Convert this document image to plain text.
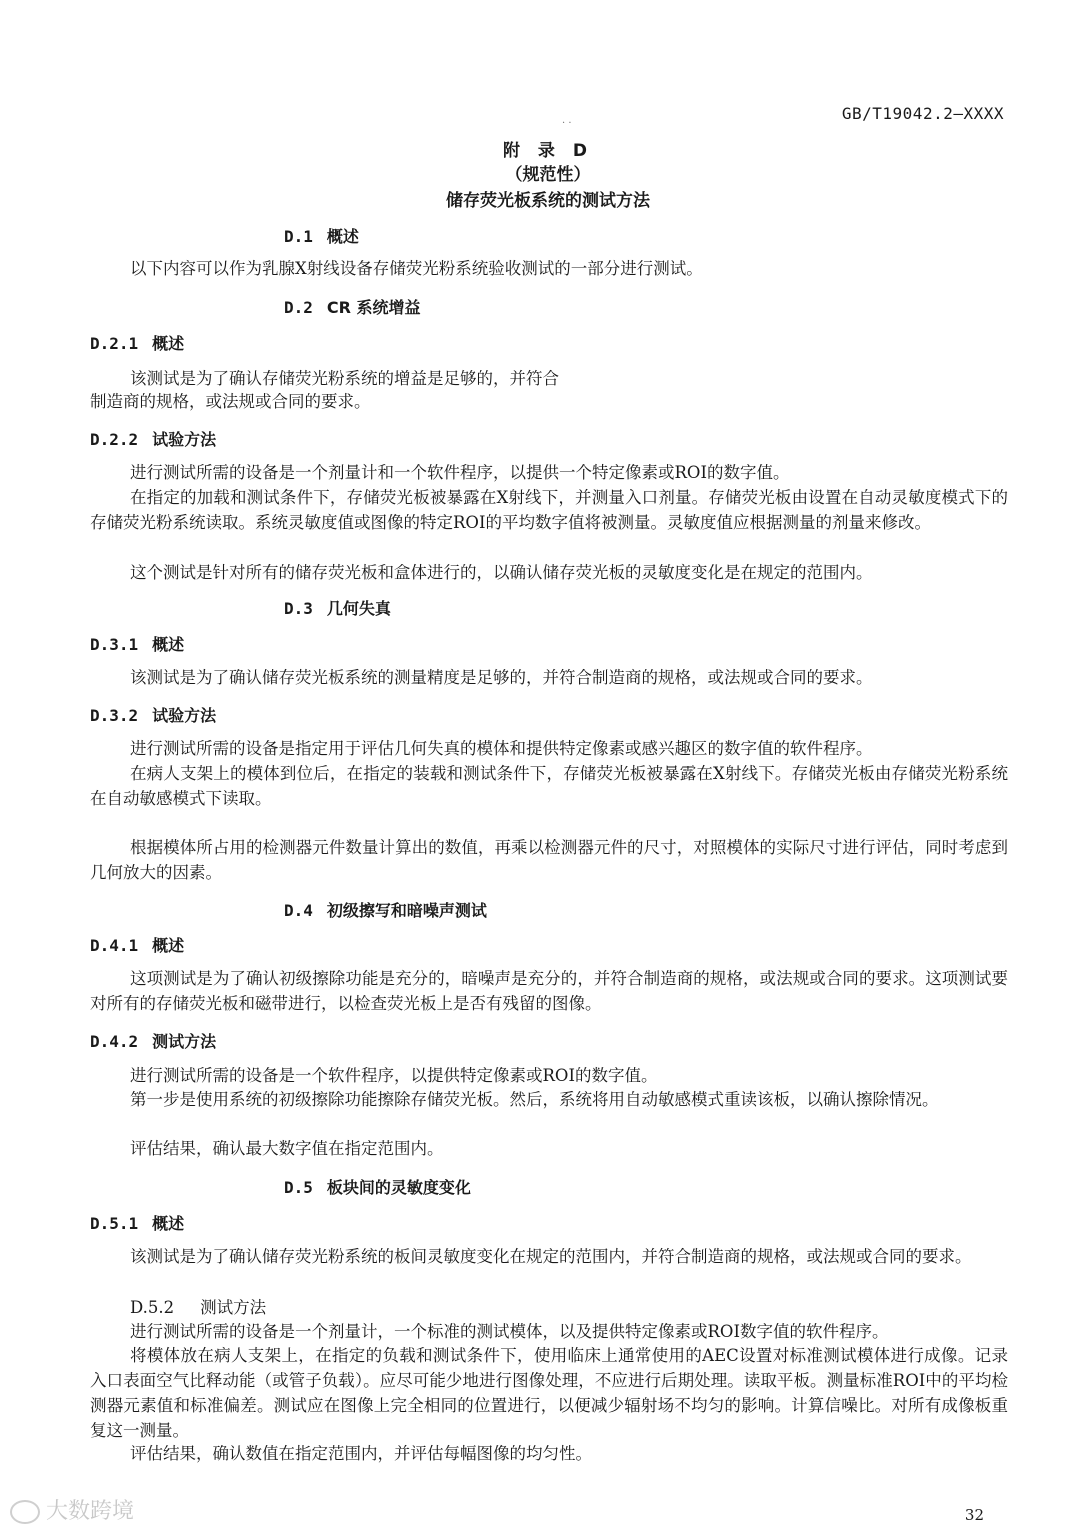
GB/T19042.2—XXXX
· ·
附 录 D
（规范性）
储存荧光板系统的测试方法
D.1 概述
以下内容可以作为乳腺X射线设备存储荧光粉系统验收测试的一部分进行测试。
D.2 CR 系统增益
D.2.1 概述
该测试是为了确认存储荧光粉系统的增益是足够的，并符合
制造商的规格，或法规或合同的要求。
D.2.2 试验方法
进行测试所需的设备是一个剂量计和一个软件程序，以提供一个特定像素或ROI的数字值。
在指定的加载和测试条件下，存储荧光板被暴露在X射线下，并测量入口剂量。存储荧光板由设置在自动灵敏度模式下的存储荧光粉系统读取。系统灵敏度值或图像的特定ROI的平均数字值将被测量。灵敏度值应根据测量的剂量来修改。
这个测试是针对所有的储存荧光板和盒体进行的，以确认储存荧光板的灵敏度变化是在规定的范围内。
D.3 几何失真
D.3.1 概述
该测试是为了确认储存荧光板系统的测量精度是足够的，并符合制造商的规格，或法规或合同的要求。
D.3.2 试验方法
进行测试所需的设备是指定用于评估几何失真的模体和提供特定像素或感兴趣区的数字值的软件程序。
在病人支架上的模体到位后，在指定的装载和测试条件下，存储荧光板被暴露在X射线下。存储荧光板由存储荧光粉系统在自动敏感模式下读取。
根据模体所占用的检测器元件数量计算出的数值，再乘以检测器元件的尺寸，对照模体的实际尺寸进行评估，同时考虑到几何放大的因素。
D.4 初级擦写和暗噪声测试
D.4.1 概述
这项测试是为了确认初级擦除功能是充分的，暗噪声是充分的，并符合制造商的规格，或法规或合同的要求。这项测试要对所有的存储荧光板和磁带进行，以检查荧光板上是否有残留的图像。
D.4.2 测试方法
进行测试所需的设备是一个软件程序，以提供特定像素或ROI的数字值。
第一步是使用系统的初级擦除功能擦除存储荧光板。然后，系统将用自动敏感模式重读该板，以确认擦除情况。
评估结果，确认最大数字值在指定范围内。
D.5 板块间的灵敏度变化
D.5.1 概述
该测试是为了确认储存荧光粉系统的板间灵敏度变化在规定的范围内，并符合制造商的规格，或法规或合同的要求。
D.5.2 测试方法
进行测试所需的设备是一个剂量计，一个标准的测试模体，以及提供特定像素或ROI数字值的软件程序。
将模体放在病人支架上，在指定的负载和测试条件下，使用临床上通常使用的AEC设置对标准测试模体进行成像。记录入口表面空气比释动能（或管子负载）。应尽可能少地进行图像处理，不应进行后期处理。读取平板。测量标准ROI中的平均检测器元素值和标准偏差。测试应在图像上完全相同的位置进行，以便减少辐射场不均匀的影响。计算信噪比。对所有成像板重复这一测量。
评估结果，确认数值在指定范围内，并评估每幅图像的均匀性。
大数跨境	32
